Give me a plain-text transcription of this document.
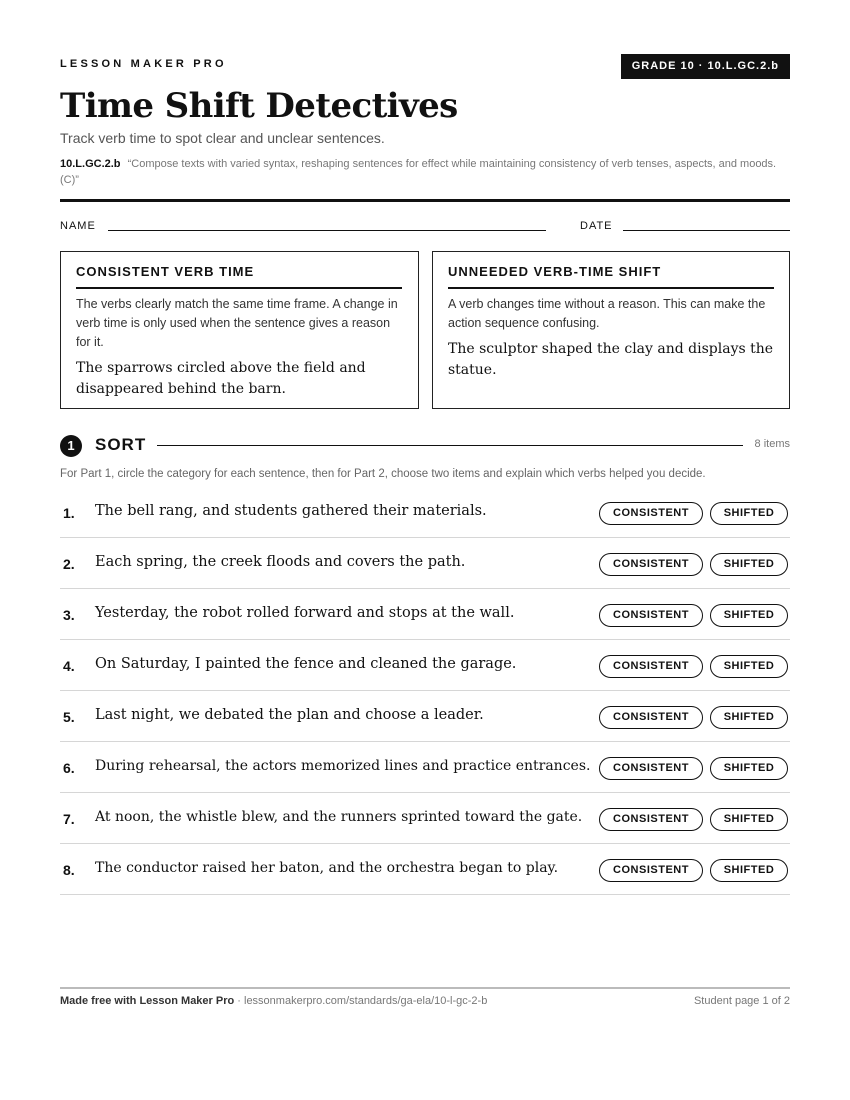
LESSON MAKER PRO	GRADE 10 · 10.L.GC.2.b
Time Shift Detectives
Track verb time to spot clear and unclear sentences.
10.L.GC.2.b “Compose texts with varied syntax, reshaping sentences for effect while maintaining consistency of verb tenses, aspects, and moods. (C)”
NAME	DATE
CONSISTENT VERB TIME
The verbs clearly match the same time frame. A change in verb time is only used when the sentence gives a reason for it.
The sparrows circled above the field and disappeared behind the barn.
UNNEEDED VERB-TIME SHIFT
A verb changes time without a reason. This can make the action sequence confusing.
The sculptor shaped the clay and displays the statue.
1	SORT	8 items
For Part 1, circle the category for each sentence, then for Part 2, choose two items and explain which verbs helped you decide.
1. The bell rang, and students gathered their materials.	CONSISTENT	SHIFTED
2. Each spring, the creek floods and covers the path.	CONSISTENT	SHIFTED
3. Yesterday, the robot rolled forward and stops at the wall.	CONSISTENT	SHIFTED
4. On Saturday, I painted the fence and cleaned the garage.	CONSISTENT	SHIFTED
5. Last night, we debated the plan and choose a leader.	CONSISTENT	SHIFTED
6. During rehearsal, the actors memorized lines and practice entrances.	CONSISTENT	SHIFTED
7. At noon, the whistle blew, and the runners sprinted toward the gate.	CONSISTENT	SHIFTED
8. The conductor raised her baton, and the orchestra began to play.	CONSISTENT	SHIFTED
Made free with Lesson Maker Pro · lessonmakerpro.com/standards/ga-ela/10-l-gc-2-b	Student page 1 of 2
